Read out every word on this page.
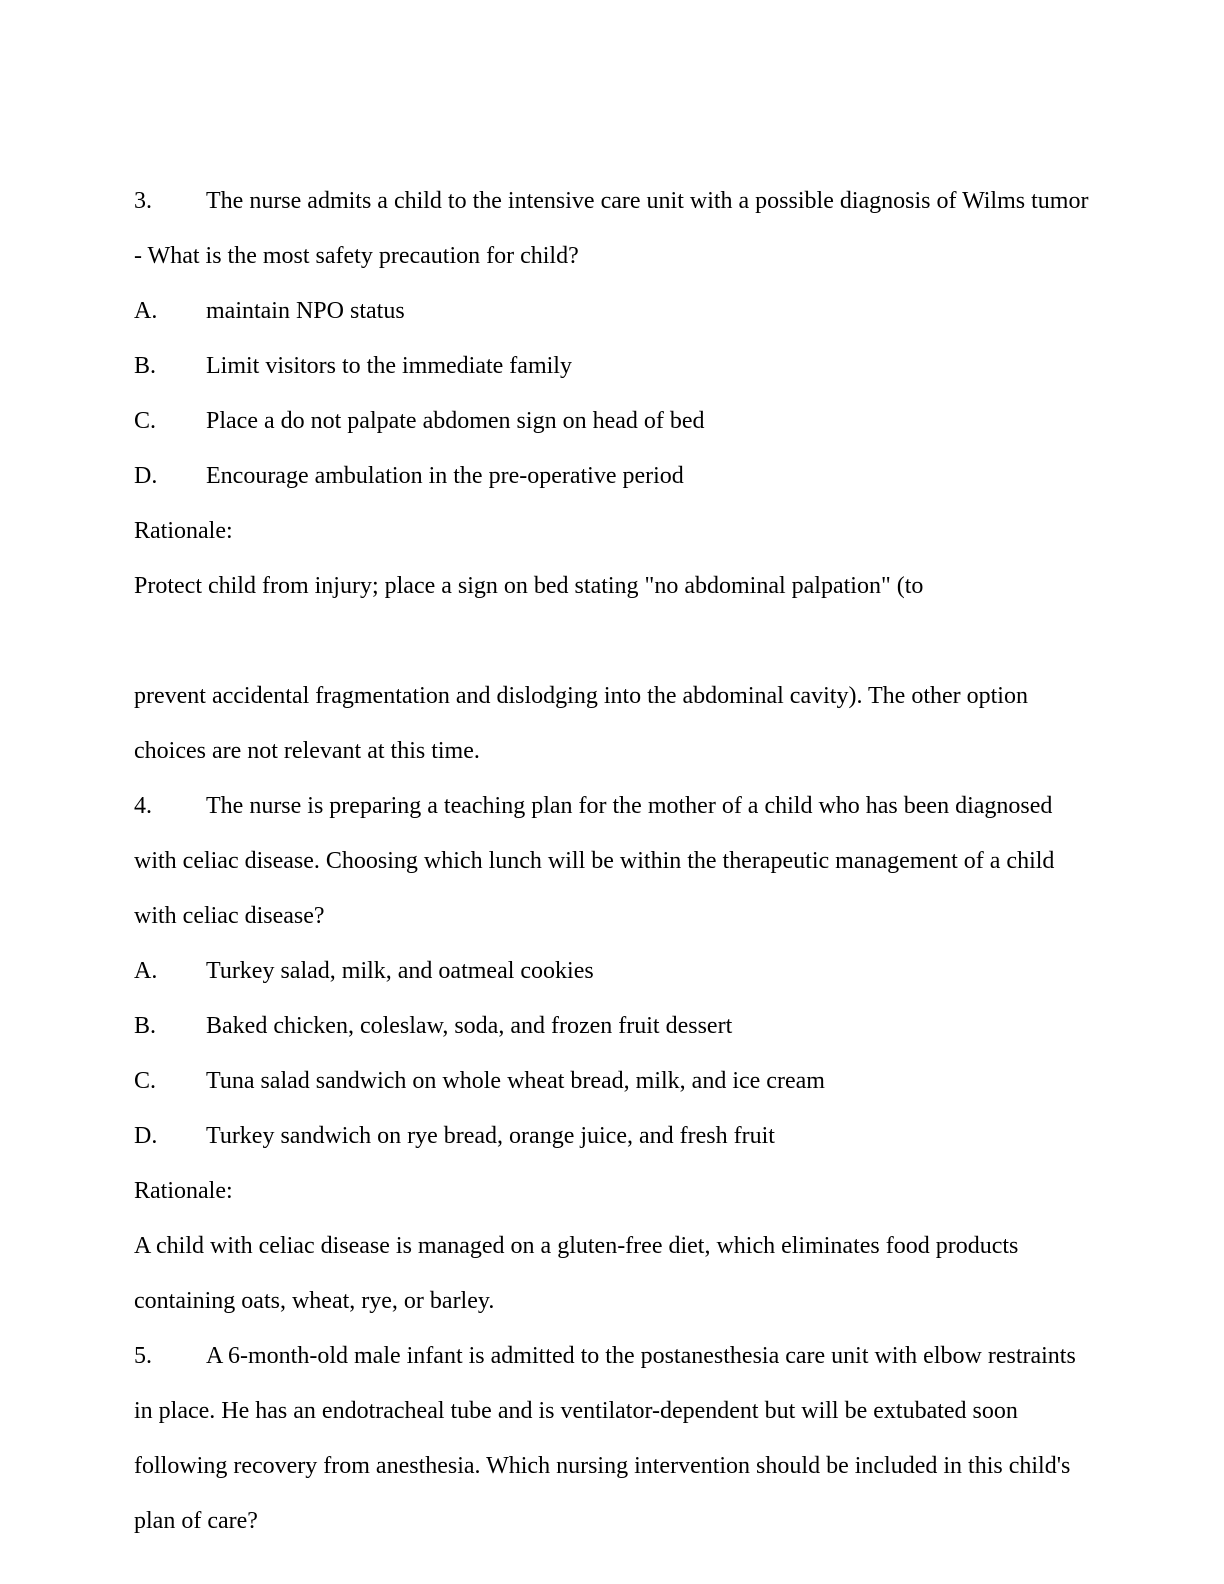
3. The nurse admits a child to the intensive care unit with a possible diagnosis of Wilms tumor
- What is the most safety precaution for child?
A. maintain NPO status
B. Limit visitors to the immediate family
C. Place a do not palpate abdomen sign on head of bed
D. Encourage ambulation in the pre-operative period
Rationale:
Protect child from injury; place a sign on bed stating "no abdominal palpation" (to
prevent accidental fragmentation and dislodging into the abdominal cavity). The other option
choices are not relevant at this time.
4. The nurse is preparing a teaching plan for the mother of a child who has been diagnosed
with celiac disease. Choosing which lunch will be within the therapeutic management of a child
with celiac disease?
A. Turkey salad, milk, and oatmeal cookies
B. Baked chicken, coleslaw, soda, and frozen fruit dessert
C. Tuna salad sandwich on whole wheat bread, milk, and ice cream
D. Turkey sandwich on rye bread, orange juice, and fresh fruit
Rationale:
A child with celiac disease is managed on a gluten-free diet, which eliminates food products
containing oats, wheat, rye, or barley.
5. A 6-month-old male infant is admitted to the postanesthesia care unit with elbow restraints
in place. He has an endotracheal tube and is ventilator-dependent but will be extubated soon
following recovery from anesthesia. Which nursing intervention should be included in this child's
plan of care?
